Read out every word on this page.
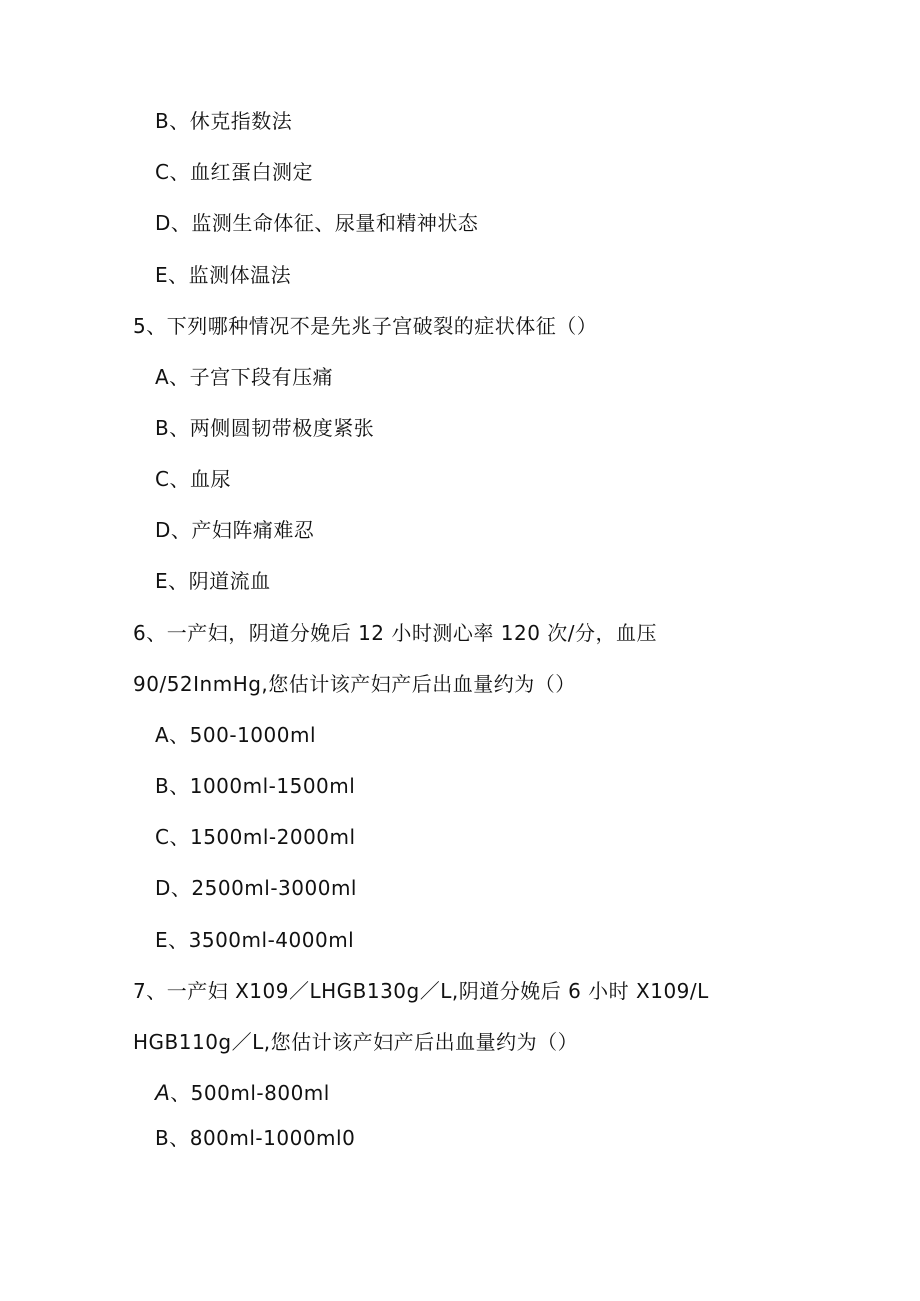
B、休克指数法
C、血红蛋白测定
D、监测生命体征、尿量和精神状态
E、监测体温法
5、下列哪种情况不是先兆子宫破裂的症状体征（）
A、子宫下段有压痛
B、两侧圆韧带极度紧张
C、血尿
D、产妇阵痛难忍
E、阴道流血
6、一产妇，阴道分娩后 12 小时测心率 120 次/分，血压
90/52InmHg,您估计该产妇产后出血量约为（）
A、500-1000ml
B、1000ml-1500ml
C、1500ml-2000ml
D、2500ml-3000ml
E、3500ml-4000ml
7、一产妇 X109／LHGB130g／L,阴道分娩后 6 小时 X109/L
HGB110g／L,您估计该产妇产后出血量约为（）
A、500ml-800ml
B、800ml-1000ml0
